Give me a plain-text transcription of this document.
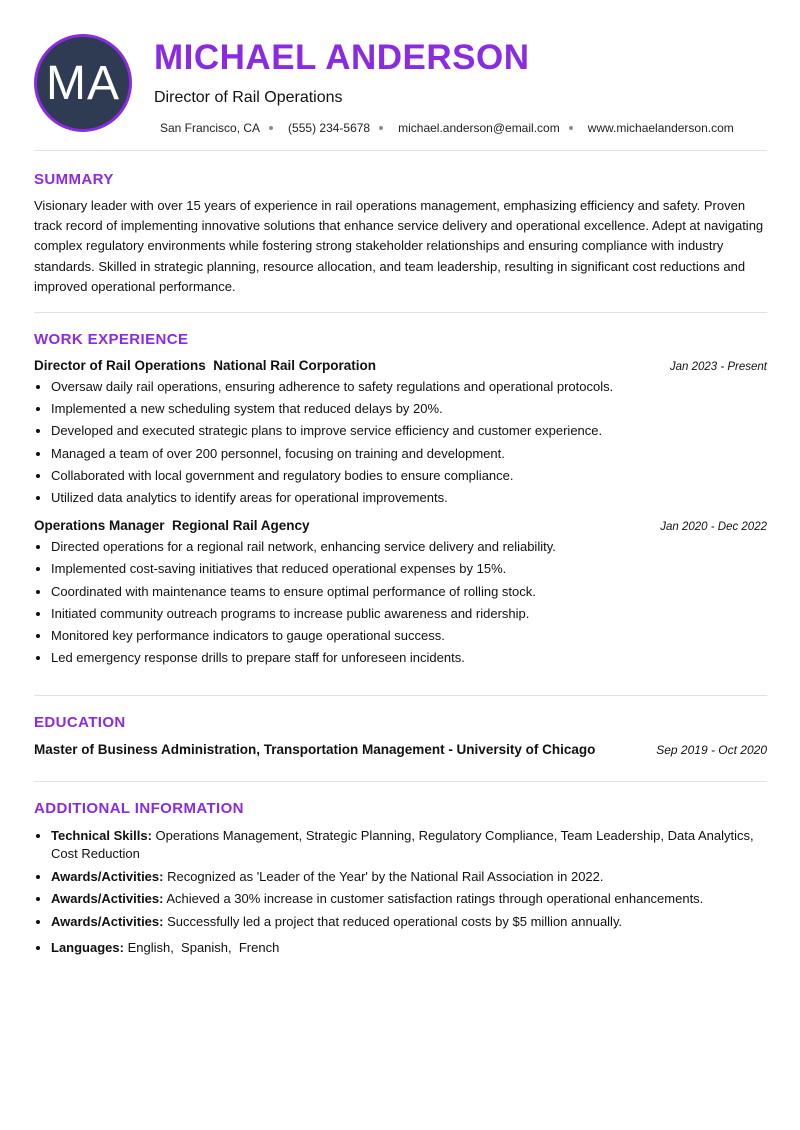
MA MICHAEL ANDERSON
Director of Rail Operations
San Francisco, CA (555) 234-5678 michael.anderson@email.com www.michaelanderson.com
SUMMARY

Visionary leader with over 15 years of experience in rail operations management, emphasizing efficiency and safety. Proven track record of implementing innovative solutions that enhance service delivery and operational excellence. Adept at navigating complex regulatory environments while fostering strong stakeholder relationships and ensuring compliance with industry standards. Skilled in strategic planning, resource allocation, and team leadership, resulting in significant cost reductions and improved operational performance.

WORK EXPERIENCE
Director of Rail Operations  National Rail Corporation	Jan 2023 - Present
• Oversaw daily rail operations, ensuring adherence to safety regulations and operational protocols.
• Implemented a new scheduling system that reduced delays by 20%.
• Developed and executed strategic plans to improve service efficiency and customer experience.
• Managed a team of over 200 personnel, focusing on training and development.
• Collaborated with local government and regulatory bodies to ensure compliance.
• Utilized data analytics to identify areas for operational improvements.
Operations Manager  Regional Rail Agency	Jan 2020 - Dec 2022
• Directed operations for a regional rail network, enhancing service delivery and reliability.
• Implemented cost-saving initiatives that reduced operational expenses by 15%.
• Coordinated with maintenance teams to ensure optimal performance of rolling stock.
• Initiated community outreach programs to increase public awareness and ridership.
• Monitored key performance indicators to gauge operational success.
• Led emergency response drills to prepare staff for unforeseen incidents.
EDUCATION
Master of Business Administration, Transportation Management - University of Chicago	Sep 2019 - Oct 2020
ADDITIONAL INFORMATION
• Technical Skills: Operations Management, Strategic Planning, Regulatory Compliance, Team Leadership, Data Analytics, Cost Reduction
• Awards/Activities: Recognized as 'Leader of the Year' by the National Rail Association in 2022.
• Awards/Activities: Achieved a 30% increase in customer satisfaction ratings through operational enhancements.
• Awards/Activities: Successfully led a project that reduced operational costs by $5 million annually.
• Languages: English,  Spanish,  French
